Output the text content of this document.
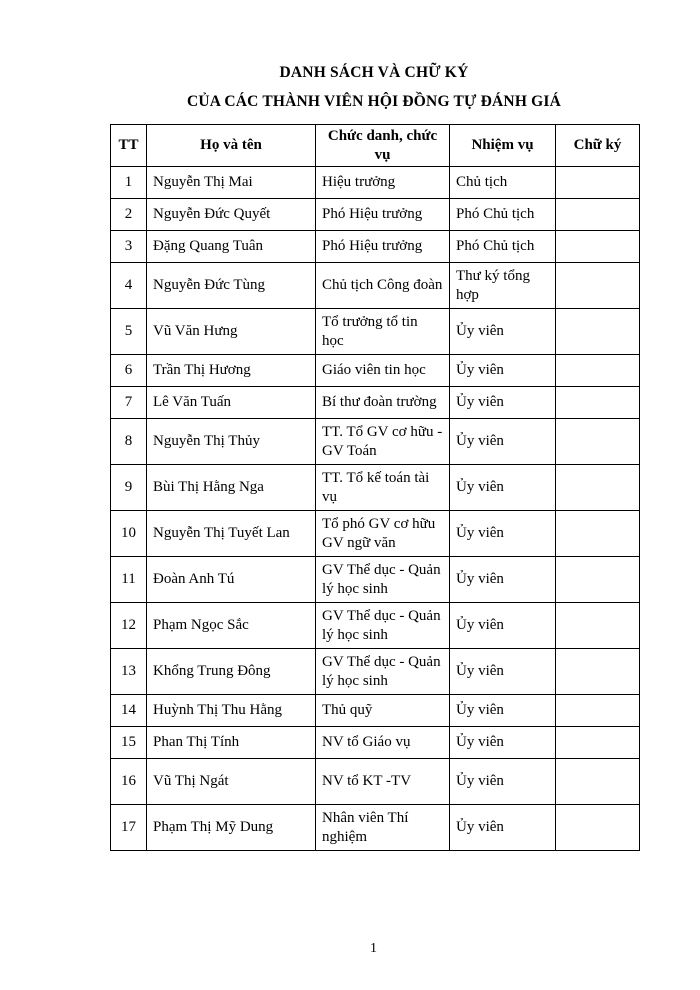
DANH SÁCH VÀ CHỮ KÝ
CỦA CÁC THÀNH VIÊN HỘI ĐỒNG TỰ ĐÁNH GIÁ
TT	Họ và tên	Chức danh, chức vụ	Nhiệm vụ	Chữ ký
1	Nguyễn Thị Mai	Hiệu trưởng	Chủ tịch	
2	Nguyễn Đức Quyết	Phó Hiệu trưởng	Phó Chủ tịch	
3	Đặng Quang Tuân	Phó Hiệu trưởng	Phó Chủ tịch	
4	Nguyễn Đức Tùng	Chủ tịch Công đoàn	Thư ký tổng hợp	
5	Vũ Văn Hưng	Tổ trưởng tổ tin học	Ủy viên	
6	Trần Thị Hương	Giáo viên tin học	Ủy viên	
7	Lê Văn Tuấn	Bí thư đoàn trường	Ủy viên	
8	Nguyễn Thị Thủy	TT. Tổ GV cơ hữu - GV Toán	Ủy viên	
9	Bùi Thị Hằng Nga	TT. Tổ kế toán tài vụ	Ủy viên	
10	Nguyễn Thị Tuyết Lan	Tổ phó GV cơ hữu GV ngữ văn	Ủy viên	
11	Đoàn Anh Tú	GV Thể dục - Quản lý học sinh	Ủy viên	
12	Phạm Ngọc Sắc	GV Thể dục - Quản lý học sinh	Ủy viên	
13	Khổng Trung Đông	GV Thể dục - Quản lý học sinh	Ủy viên	
14	Huỳnh Thị Thu Hằng	Thủ quỹ	Ủy viên	
15	Phan Thị Tính	NV tổ Giáo vụ	Ủy viên	
16	Vũ Thị Ngát	NV tổ KT -TV	Ủy viên	
17	Phạm Thị Mỹ Dung	Nhân viên Thí nghiệm	Ủy viên	
1
